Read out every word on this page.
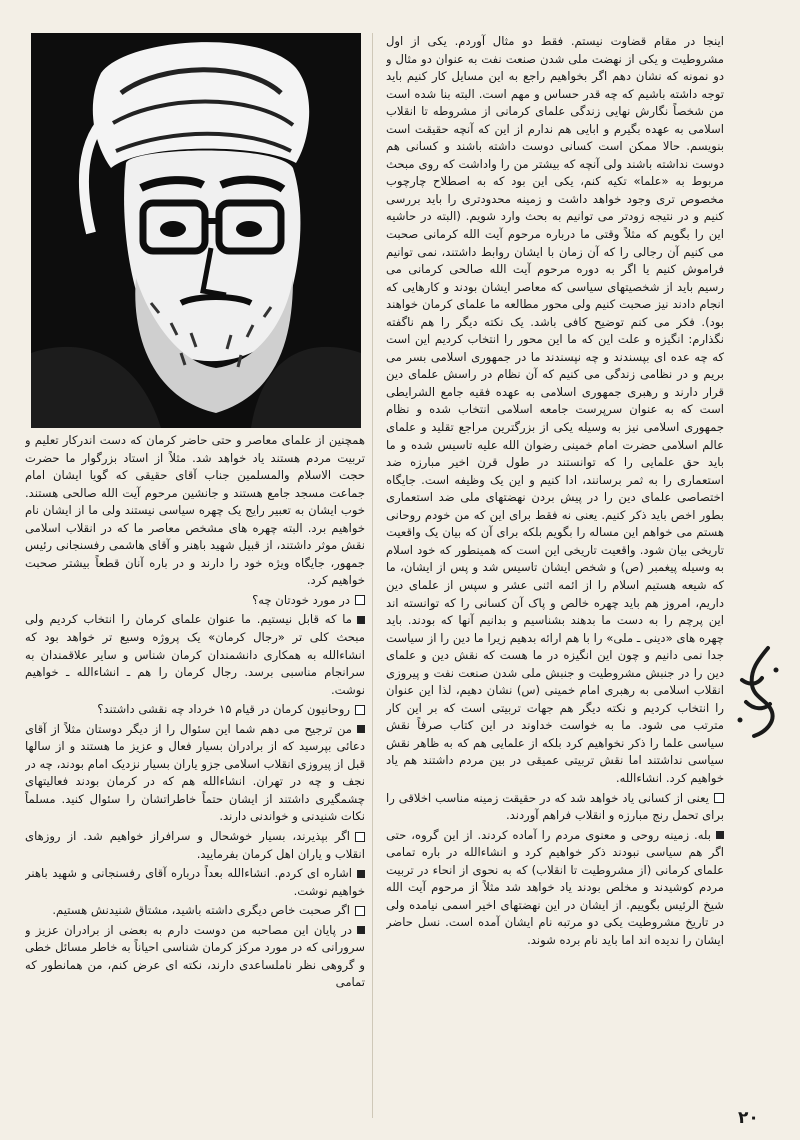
اینجا در مقام قضاوت نیستم. فقط دو مثال آوردم. یکی از اول مشروطیت و یکی از نهضت ملی شدن صنعت نفت به عنوان دو مثال و دو نمونه که نشان دهم اگر بخواهیم راجع به این مسایل کار کنیم باید توجه داشته باشیم که چه قدر حساس و مهم است. البته بنا شده است من شخصاً نگارش نهایی زندگی علمای کرمانی از مشروطه تا انقلاب اسلامی به عهده بگیرم و ابایی هم ندارم از این که آنچه حقیقت است بنویسم. حالا ممکن است کسانی دوست داشته باشند و کسانی هم دوست نداشته باشند ولی آنچه که بیشتر من را واداشت که روی مبحث مربوط به «علما» تکیه کنم، یکی این بود که به اصطلاح چارچوب مخصوص تری وجود خواهد داشت و زمینه محدودتری را باید بررسی کنیم و در نتیجه زودتر می توانیم به بحث وارد شویم. (البته در حاشیه این را بگویم که مثلاً وقتی ما درباره مرحوم آیت الله کرمانی صحبت می کنیم آن رجالی را که آن زمان با ایشان روابط داشتند، نمی توانیم فراموش کنیم یا اگر به دوره مرحوم آیت الله صالحی کرمانی می رسیم باید از شخصیتهای سیاسی که معاصر ایشان بودند و کارهایی که انجام دادند نیز صحبت کنیم ولی محور مطالعه ما علمای کرمان خواهند بود). فکر می کنم توضیح کافی باشد. یک نکته دیگر را هم ناگفته نگذارم: انگیزه و علت این که ما این محور را انتخاب کردیم این است که چه عده ای بپسندند و چه نپسندند ما در جمهوری اسلامی بسر می بریم و در نظامی زندگی می کنیم که آن نظام در راسش علمای دین قرار دارند و رهبری جمهوری اسلامی به عهده فقیه جامع الشرایطی است که به عنوان سرپرست جامعه اسلامی انتخاب شده و نظام جمهوری اسلامی نیز به وسیله یکی از بزرگترین مراجع تقلید و علمای عالم اسلامی حضرت امام خمینی رضوان الله علیه تاسیس شده و ما باید حق علمایی را که توانستند در طول قرن اخیر مبارزه ضد استعماری را به ثمر برسانند، ادا کنیم و این یک وظیفه است. جایگاه اختصاصی علمای دین را در پیش بردن نهضتهای ملی ضد استعماری بطور اخص باید ذکر کنیم. یعنی نه فقط برای این که من خودم روحانی هستم می خواهم این مساله را بگویم بلکه برای آن که بیان یک واقعیت تاریخی بیان شود. واقعیت تاریخی این است که همینطور که خود اسلام به وسیله پیغمبر (ص) و شخص ایشان تاسیس شد و پس از ایشان، ما که شیعه هستیم اسلام را از ائمه اثنی عشر و سپس از علمای دین داریم، امروز هم باید چهره خالص و پاک آن کسانی را که توانسته اند این پرچم را به دست ما بدهند بشناسیم و بدانیم آنها که بودند. باید چهره های «دینی ـ ملی» را با هم ارائه بدهیم زیرا ما دین را از سیاست جدا نمی دانیم و چون این انگیزه در ما هست که نقش دین و علمای دین را در جنبش مشروطیت و جنبش ملی شدن صنعت نفت و پیروزی انقلاب اسلامی به رهبری امام خمینی (س) نشان دهیم، لذا این عنوان را انتخاب کردیم و نکته دیگر هم جهات تربیتی است که بر این کار مترتب می شود. ما به خواست خداوند در این کتاب صرفاً نقش سیاسی علما را ذکر نخواهیم کرد بلکه از علمایی هم که به ظاهر نقش سیاسی نداشتند اما نقش تربیتی عمیقی در بین مردم داشتند هم یاد خواهیم کرد. انشاءالله.

یعنی از کسانی یاد خواهد شد که در حقیقت زمینه مناسب اخلاقی را برای تحمل رنج مبارزه و انقلاب فراهم آوردند.

بله. زمینه روحی و معنوی مردم را آماده کردند. از این گروه، حتی اگر هم سیاسی نبودند ذکر خواهیم کرد و انشاءالله در باره تمامی علمای کرمانی (از مشروطیت تا انقلاب) که به نحوی از انحاء در تربیت مردم کوشیدند و مخلص بودند یاد خواهد شد مثلاً از مرحوم آیت الله شیخ الرئیس بگوییم. از ایشان در این نهضتهای اخیر اسمی نیامده ولی در تاریخ مشروطیت یکی دو مرتبه نام ایشان آمده است. نسل حاضر ایشان را ندیده اند اما باید نام برده شوند.

همچنین از علمای معاصر و حتی حاضر کرمان که دست اندرکار تعلیم و تربیت مردم هستند یاد خواهد شد. مثلاً از استاد بزرگوار ما حضرت حجت الاسلام والمسلمین جناب آقای حقیقی که گویا ایشان امام جماعت مسجد جامع هستند و جانشین مرحوم آیت الله صالحی هستند. خوب ایشان به تعبیر رایج یک چهره سیاسی نیستند ولی ما از ایشان نام خواهیم برد. البته چهره های مشخص معاصر ما که در انقلاب اسلامی نقش موثر داشتند، از قبیل شهید باهنر و آقای هاشمی رفسنجانی رئیس جمهور، جایگاه ویژه خود را دارند و در باره آنان قطعاً بیشتر صحبت خواهیم کرد.

در مورد خودتان چه؟

ما که قابل نیستیم. ما عنوان علمای کرمان را انتخاب کردیم ولی مبحث کلی تر «رجال کرمان» یک پروژه وسیع تر خواهد بود که انشاءالله به همکاری دانشمندان کرمان شناس و سایر علاقمندان به سرانجام مناسبی برسد. رجال کرمان را هم ـ انشاءالله ـ خواهیم نوشت.

روحانیون کرمان در قیام ۱۵ خرداد چه نقشی داشتند؟

من ترجیح می دهم شما این سئوال را از دیگر دوستان مثلاً از آقای دعائی بپرسید که از برادران بسیار فعال و عزیز ما هستند و از سالها قبل از پیروزی انقلاب اسلامی جزو یاران بسیار نزدیک امام بودند، چه در نجف و چه در تهران. انشاءالله هم که در کرمان بودند فعالیتهای چشمگیری داشتند از ایشان حتماً خاطراتشان را سئوال کنید. مسلماً نکات شنیدنی و خواندنی دارند.

اگر بپذیرند، بسیار خوشحال و سرافراز خواهیم شد. از روزهای انقلاب و یاران اهل کرمان بفرمایید.

اشاره ای کردم. انشاءالله بعداً درباره آقای رفسنجانی و شهید باهنر خواهیم نوشت.

اگر صحبت خاص دیگری داشته باشید، مشتاق شنیدنش هستیم.

در پایان این مصاحبه من دوست دارم به بعضی از برادران عزیز و سرورانی که در مورد مرکز کرمان شناسی احیاناً به خاطر مسائل خطی و گروهی نظر ناملساعدی دارند، نکته ای عرض کنم، من همانطور که تمامی

۲۰
